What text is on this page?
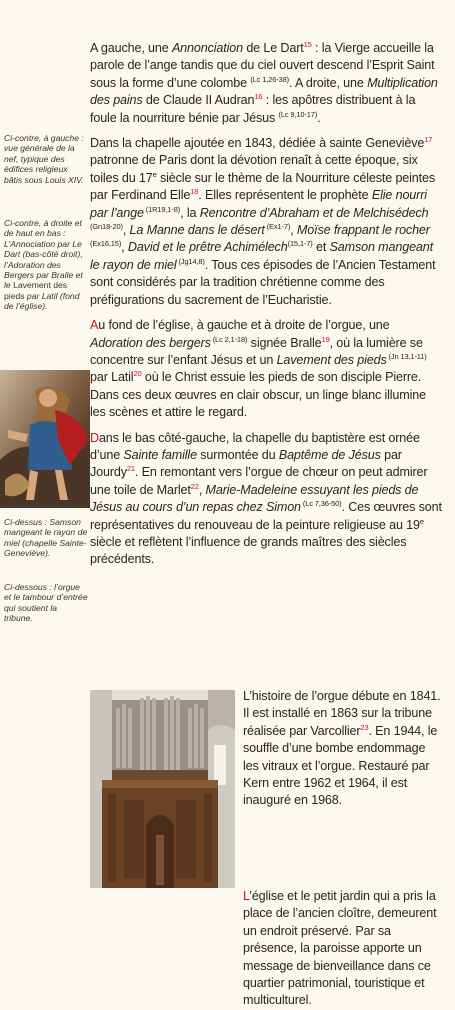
A gauche, une Annonciation de Le Dart$^{15}$ : la Vierge accueille la parole de l’ange tandis que du ciel ouvert descend l’Esprit Saint sous la forme d’une colombe $^{(Lc 1,26-38)}$. A droite, une Multiplication des pains de Claude II Audran$^{16}$ : les apôtres distribuent à la foule la nourriture bénie par Jésus $^{(Lc 9,10-17)}$.

Dans la chapelle ajoutée en 1843, dédiée à sainte Geneviève$^{17}$ patronne de Paris dont la dévotion renaît à cette époque, six toiles du 17e siècle sur le thème de la Nourriture céleste peintes par Ferdinand Elle$^{18}$. Elles représentent le prophète Elie nourri par l’ange $^{(1R19,1-8)}$, la Rencontre d’Abraham et de Melchisédech $^{(Gn18-20)}$, La Manne dans le désert $^{(Ex1-7)}$, Moïse frappant le rocher $^{(Ex16,15)}$, David et le prêtre Achimélech$^{(15,1-7)}$ et Samson mangeant le rayon de miel $^{(Jg14,8)}$. Tous ces épisodes de l’Ancien Testament sont considérés par la tradition chrétienne comme des préfigurations du sacrement de l’Eucharistie.

Au fond de l’église, à gauche et à droite de l’orgue, une Adoration des bergers $^{(Lc 2,1-18)}$ signée Bralle$^{19}$, où la lumière se concentre sur l’enfant Jésus et un Lavement des pieds $^{(Jn 13,1-11)}$ par Latil$^{20}$ où le Christ essuie les pieds de son disciple Pierre. Dans ces deux œuvres en clair obscur, un linge blanc illumine les scènes et attire le regard.

Dans le bas côté-gauche, la chapelle du baptistère est ornée d’une Sainte famille surmontée du Baptême de Jésus par Jourdy$^{21}$. En remontant vers l’orgue de chœur on peut admirer une toile de Marlet$^{22}$, Marie-Madeleine essuyant les pieds de Jésus au cours d’un repas chez Simon $^{(Lc 7,36-50)}$. Ces œuvres sont représentatives du renouveau de la peinture religieuse au 19e siècle et reflètent l’influence de grands maîtres des siècles précédents.

Ci-contre, à gauche : vue générale de la nef, typique des édifices religieux bâtis sous Louis XIV.

Ci-contre, à droite et de haut en bas : L’Annociation par Le Dart (bas-côté droit), l’Adoration des Bergers par Bralle et le Lavement des pieds par Latil (fond de l’église).

Ci-dessus : Samson mangeant le rayon de miel (chapelle Sainte-Geneviève).

Ci-dessous : l’orgue et le tambour d’entrée qui soutient la tribune.

L’histoire de l’orgue débute en 1841. Il est installé en 1863 sur la tribune réalisée par Varcollier$^{23}$. En 1944, le souffle d’une bombe endommage les vitraux et l’orgue. Restauré par Kern entre 1962 et 1964, il est inauguré en 1968.

L’église et le petit jardin qui a pris la place de l’ancien cloître, demeurent un endroit préservé. Par sa présence, la paroisse apporte un message de bienveillance dans ce quartier patrimonial, touristique et multiculturel.
